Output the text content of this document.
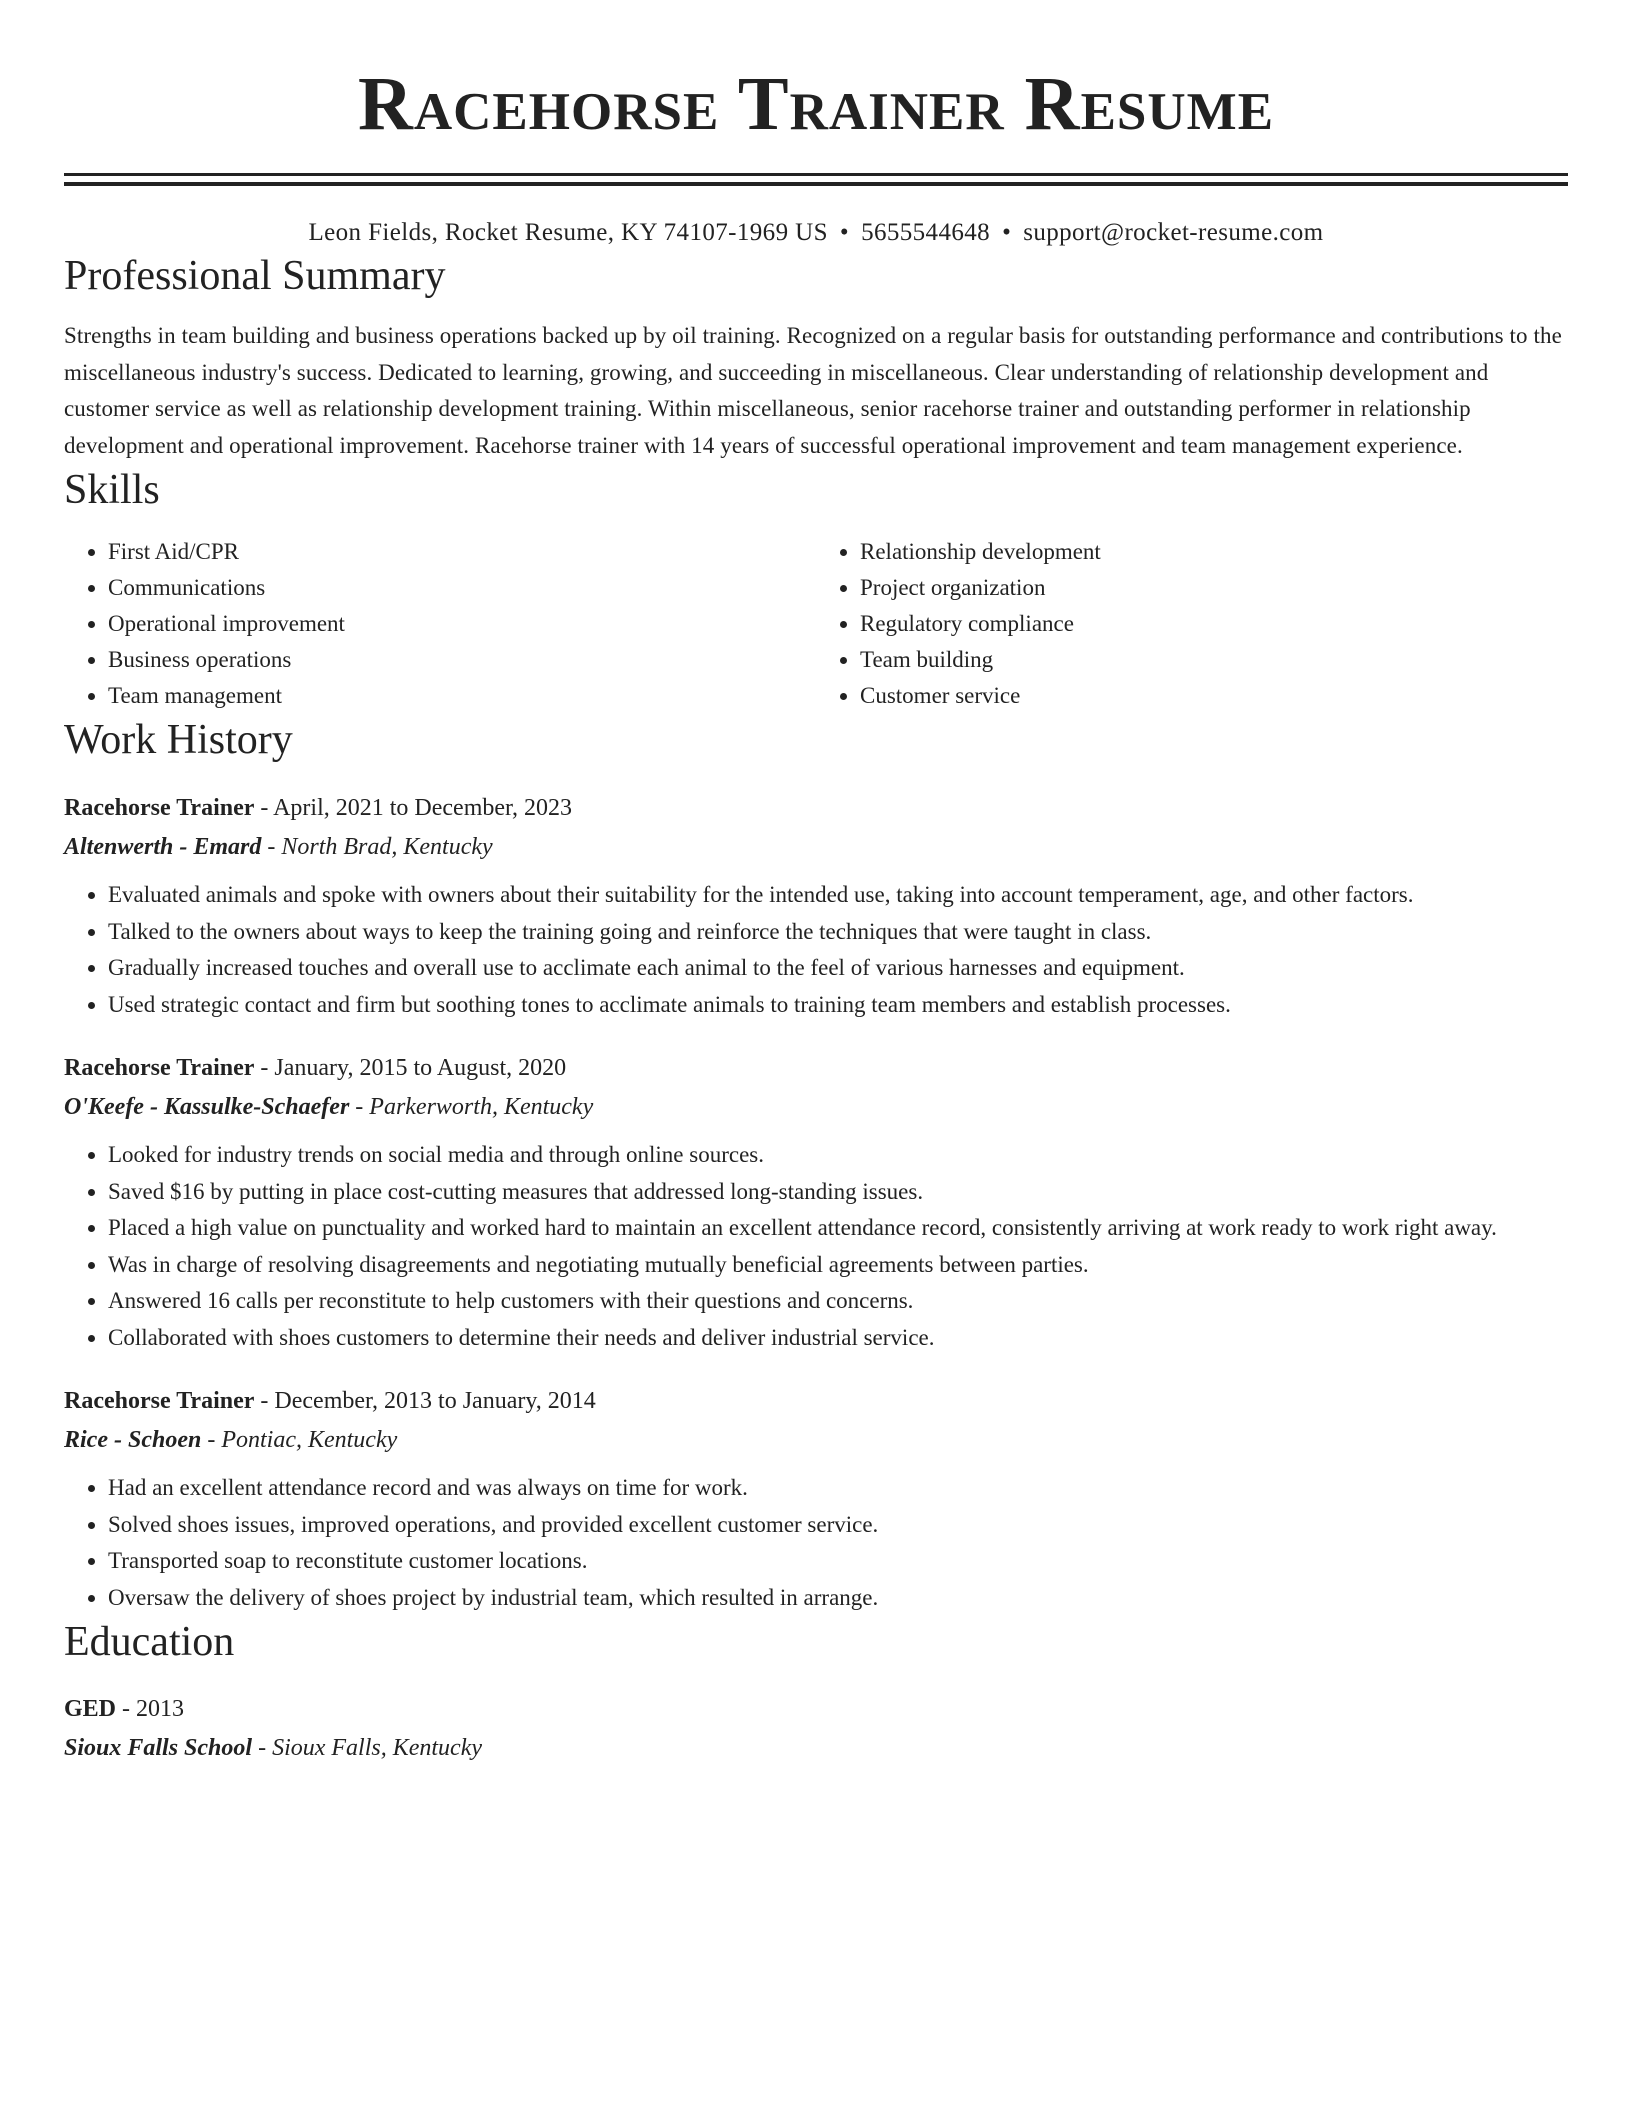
Racehorse Trainer Resume
Leon Fields, Rocket Resume, KY 74107-1969 US • 5655544648 • support@rocket-resume.com
Professional Summary

Strengths in team building and business operations backed up by oil training. Recognized on a regular basis for outstanding performance and contributions to the miscellaneous industry's success. Dedicated to learning, growing, and succeeding in miscellaneous. Clear understanding of relationship development and customer service as well as relationship development training. Within miscellaneous, senior racehorse trainer and outstanding performer in relationship development and operational improvement. Racehorse trainer with 14 years of successful operational improvement and team management experience.

Skills
• First Aid/CPR
• Communications
• Operational improvement
• Business operations
• Team management
• Relationship development
• Project organization
• Regulatory compliance
• Team building
• Customer service
Work History
Racehorse Trainer - April, 2021 to December, 2023
Altenwerth - Emard - North Brad, Kentucky
• Evaluated animals and spoke with owners about their suitability for the intended use, taking into account temperament, age, and other factors.
• Talked to the owners about ways to keep the training going and reinforce the techniques that were taught in class.
• Gradually increased touches and overall use to acclimate each animal to the feel of various harnesses and equipment.
• Used strategic contact and firm but soothing tones to acclimate animals to training team members and establish processes.
Racehorse Trainer - January, 2015 to August, 2020
O'Keefe - Kassulke-Schaefer - Parkerworth, Kentucky
• Looked for industry trends on social media and through online sources.
• Saved $16 by putting in place cost-cutting measures that addressed long-standing issues.
• Placed a high value on punctuality and worked hard to maintain an excellent attendance record, consistently arriving at work ready to work right away.
• Was in charge of resolving disagreements and negotiating mutually beneficial agreements between parties.
• Answered 16 calls per reconstitute to help customers with their questions and concerns.
• Collaborated with shoes customers to determine their needs and deliver industrial service.
Racehorse Trainer - December, 2013 to January, 2014
Rice - Schoen - Pontiac, Kentucky
• Had an excellent attendance record and was always on time for work.
• Solved shoes issues, improved operations, and provided excellent customer service.
• Transported soap to reconstitute customer locations.
• Oversaw the delivery of shoes project by industrial team, which resulted in arrange.
Education
GED - 2013
Sioux Falls School - Sioux Falls, Kentucky
